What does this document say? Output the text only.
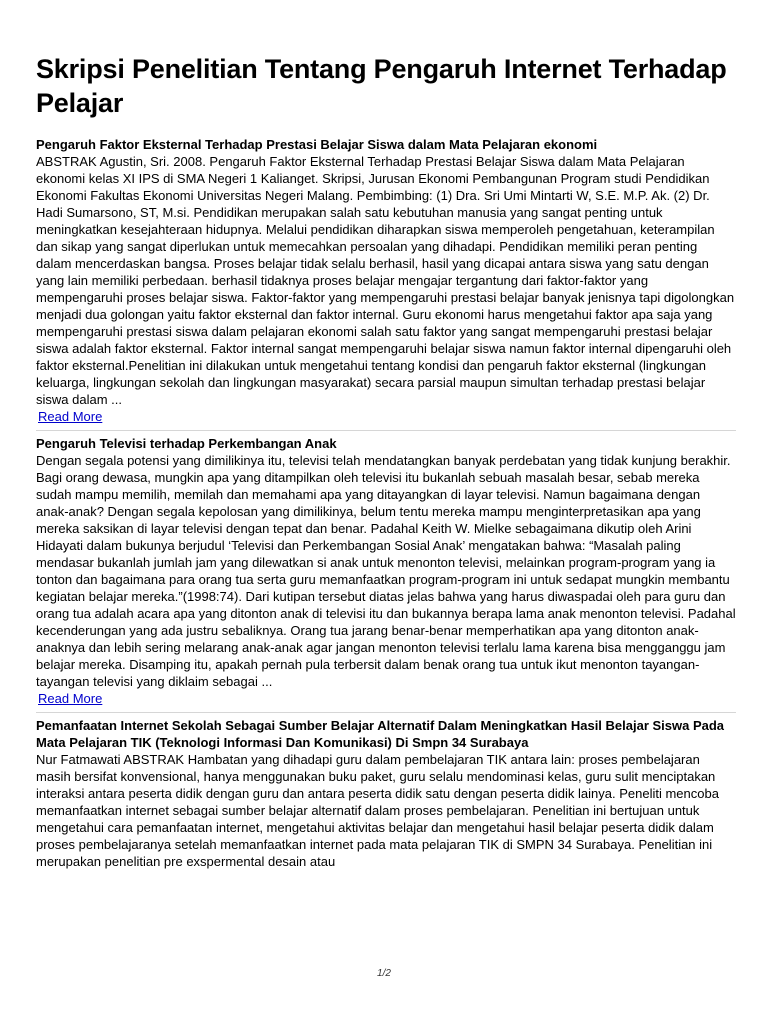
Skripsi Penelitian Tentang Pengaruh Internet Terhadap Pelajar

Pengaruh Faktor Eksternal Terhadap Prestasi Belajar Siswa dalam Mata Pelajaran ekonomi

ABSTRAK Agustin, Sri. 2008. Pengaruh Faktor Eksternal Terhadap Prestasi Belajar Siswa dalam Mata Pelajaran ekonomi kelas XI IPS di SMA Negeri 1 Kalianget. Skripsi, Jurusan Ekonomi Pembangunan Program studi Pendidikan Ekonomi Fakultas Ekonomi Universitas Negeri Malang. Pembimbing: (1) Dra. Sri Umi Mintarti W, S.E. M.P. Ak. (2) Dr. Hadi Sumarsono, ST, M.si. Pendidikan merupakan salah satu kebutuhan manusia yang sangat penting untuk meningkatkan kesejahteraan hidupnya. Melalui pendidikan diharapkan siswa memperoleh pengetahuan, keterampilan dan sikap yang sangat diperlukan untuk memecahkan persoalan yang dihadapi. Pendidikan memiliki peran penting dalam mencerdaskan bangsa. Proses belajar tidak selalu berhasil, hasil yang dicapai antara siswa yang satu dengan yang lain memiliki perbedaan. berhasil tidaknya proses belajar mengajar tergantung dari faktor-faktor yang mempengaruhi proses belajar siswa. Faktor-faktor yang mempengaruhi prestasi belajar banyak jenisnya tapi digolongkan menjadi dua golongan yaitu faktor eksternal dan faktor internal. Guru ekonomi harus mengetahui faktor apa saja yang mempengaruhi prestasi siswa dalam pelajaran ekonomi salah satu faktor yang sangat mempengaruhi prestasi belajar siswa adalah faktor eksternal. Faktor internal sangat mempengaruhi belajar siswa namun faktor internal dipengaruhi oleh faktor eksternal.Penelitian ini dilakukan untuk mengetahui tentang kondisi dan pengaruh faktor eksternal (lingkungan keluarga, lingkungan sekolah dan lingkungan masyarakat) secara parsial maupun simultan terhadap prestasi belajar siswa dalam ...

Read More

Pengaruh Televisi terhadap Perkembangan Anak

Dengan segala potensi yang dimilikinya itu, televisi telah mendatangkan banyak perdebatan yang tidak kunjung berakhir. Bagi orang dewasa, mungkin apa yang ditampilkan oleh televisi itu bukanlah sebuah masalah besar, sebab mereka sudah mampu memilih, memilah dan memahami apa yang ditayangkan di layar televisi. Namun bagaimana dengan anak-anak? Dengan segala kepolosan yang dimilikinya, belum tentu mereka mampu menginterpretasikan apa yang mereka saksikan di layar televisi dengan tepat dan benar. Padahal Keith W. Mielke sebagaimana dikutip oleh Arini Hidayati dalam bukunya berjudul ‘Televisi dan Perkembangan Sosial Anak’ mengatakan bahwa: “Masalah paling mendasar bukanlah jumlah jam yang dilewatkan si anak untuk menonton televisi, melainkan program-program yang ia tonton dan bagaimana para orang tua serta guru memanfaatkan program-program ini untuk sedapat mungkin membantu kegiatan belajar mereka.”(1998:74). Dari kutipan tersebut diatas jelas bahwa yang harus diwaspadai oleh para guru dan orang tua adalah acara apa yang ditonton anak di televisi itu dan bukannya berapa lama anak menonton televisi. Padahal kecenderungan yang ada justru sebaliknya. Orang tua jarang benar-benar memperhatikan apa yang ditonton anak-anaknya dan lebih sering melarang anak-anak agar jangan menonton televisi terlalu lama karena bisa mengganggu jam belajar mereka. Disamping itu, apakah pernah pula terbersit dalam benak orang tua untuk ikut menonton tayangan-tayangan televisi yang diklaim sebagai ...

Read More

Pemanfaatan Internet Sekolah Sebagai Sumber Belajar Alternatif Dalam Meningkatkan Hasil Belajar Siswa Pada Mata Pelajaran TIK (Teknologi Informasi Dan Komunikasi) Di Smpn 34 Surabaya

Nur Fatmawati ABSTRAK Hambatan yang dihadapi guru dalam pembelajaran TIK antara lain: proses pembelajaran masih bersifat konvensional, hanya menggunakan buku paket, guru selalu mendominasi kelas, guru sulit menciptakan interaksi antara peserta didik dengan guru dan antara peserta didik satu dengan peserta didik lainya. Peneliti mencoba memanfaatkan internet sebagai sumber belajar alternatif dalam proses pembelajaran. Penelitian ini bertujuan untuk mengetahui cara pemanfaatan internet, mengetahui aktivitas belajar dan mengetahui hasil belajar peserta didik dalam proses pembelajaranya setelah memanfaatkan internet pada mata pelajaran TIK di SMPN 34 Surabaya. Penelitian ini merupakan penelitian pre exspermental desain atau

1/2
